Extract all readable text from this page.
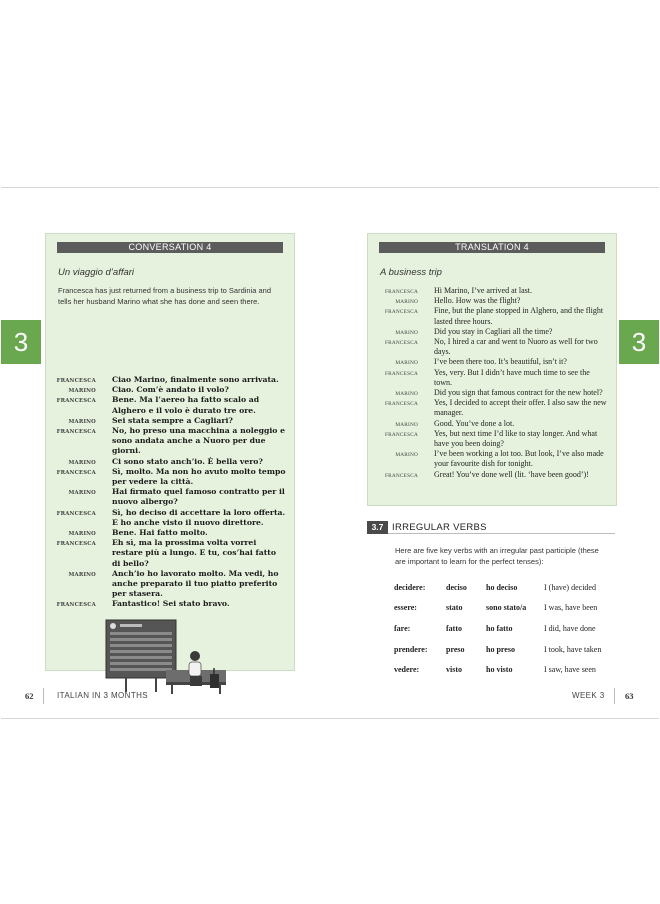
3
CONVERSATION 4
Un viaggio d’affari
Francesca has just returned from a business trip to Sardinia and tells her husband Marino what she has done and seen there.
FRANCESCA Ciao Marino, finalmente sono arrivata.
MARINO Ciao. Com’è andato il volo?
FRANCESCA Bene. Ma l’aereo ha fatto scalo ad Alghero e il volo è durato tre ore.
MARINO Sei stata sempre a Cagliari?
FRANCESCA No, ho preso una macchina a noleggio e sono andata anche a Nuoro per due giorni.
MARINO Ci sono stato anch’io. È bella vero?
FRANCESCA Sì, molto. Ma non ho avuto molto tempo per vedere la città.
MARINO Hai firmato quel famoso contratto per il nuovo albergo?
FRANCESCA Sì, ho deciso di accettare la loro offerta. E ho anche visto il nuovo direttore.
MARINO Bene. Hai fatto molto.
FRANCESCA Eh sì, ma la prossima volta vorrei restare più a lungo. E tu, cos’hai fatto di bello?
MARINO Anch’io ho lavorato molto. Ma vedi, ho anche preparato il tuo piatto preferito per stasera.
FRANCESCA Fantastico! Sei stato bravo.
3
TRANSLATION 4
A business trip
FRANCESCA Hi Marino, I’ve arrived at last.
MARINO Hello. How was the flight?
FRANCESCA Fine, but the plane stopped in Alghero, and the flight lasted three hours.
MARINO Did you stay in Cagliari all the time?
FRANCESCA No, I hired a car and went to Nuoro as well for two days.
MARINO I’ve been there too. It’s beautiful, isn’t it?
FRANCESCA Yes, very. But I didn’t have much time to see the town.
MARINO Did you sign that famous contract for the new hotel?
FRANCESCA Yes, I decided to accept their offer. I also saw the new manager.
MARINO Good. You’ve done a lot.
FRANCESCA Yes, but next time I’d like to stay longer. And what have you been doing?
MARINO I’ve been working a lot too. But look, I’ve also made your favourite dish for tonight.
FRANCESCA Great! You’ve done well (lit. ‘have been good’)!
3.7 IRREGULAR VERBS
Here are five key verbs with an irregular past participle (these are important to learn for the perfect tenses):
decidere:	deciso	ho deciso	I (have) decided
essere:	stato	sono stato/a	I was, have been
fare:	fatto	ho fatto	I did, have done
prendere:	preso	ho preso	I took, have taken
vedere:	visto	ho visto	I saw, have seen
62	ITALIAN IN 3 MONTHS	WEEK 3 63
